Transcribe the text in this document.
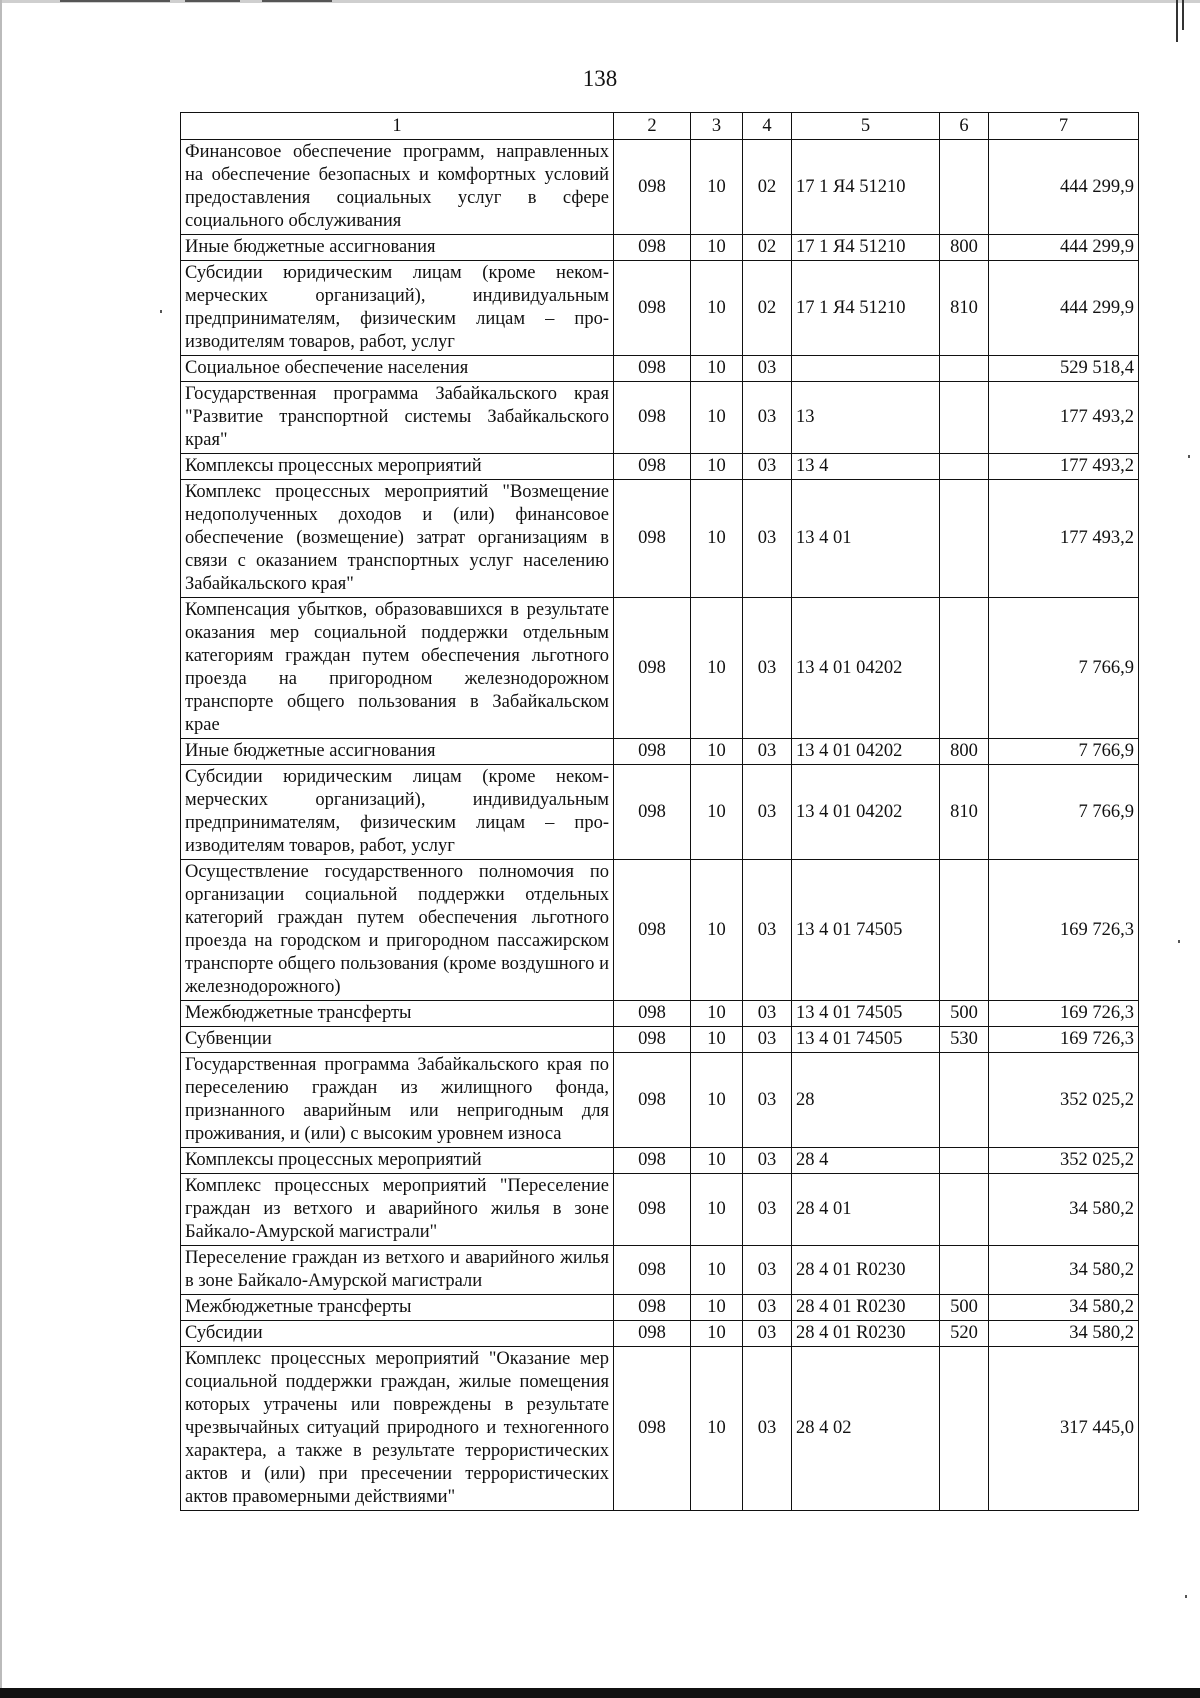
138
1	2	3	4	5	6	7
Финансовое обеспечение программ, направленных на обеспечение безопасных и комфортных условий предоставления социальных услуг в сфере социального обслуживания	098	10	02	17 1 Я4 51210		444 299,9
Иные бюджетные ассигнования	098	10	02	17 1 Я4 51210	800	444 299,9
Субсидии юридическим лицам (кроме некоммерческих организаций), индивидуальным предпринимателям, физическим лицам – производителям товаров, работ, услуг	098	10	02	17 1 Я4 51210	810	444 299,9
Социальное обеспечение населения	098	10	03			529 518,4
Государственная программа Забайкальского края "Развитие транспортной системы Забайкальского края"	098	10	03	13		177 493,2
Комплексы процессных мероприятий	098	10	03	13 4		177 493,2
Комплекс процессных мероприятий "Возмещение недополученных доходов и (или) финансовое обеспечение (возмещение) затрат организациям в связи с оказанием транспортных услуг населению Забайкальского края"	098	10	03	13 4 01		177 493,2
Компенсация убытков, образовавшихся в результате оказания мер социальной поддержки отдельным категориям граждан путем обеспечения льготного проезда на пригородном железнодорожном транспорте общего пользования в Забайкальском крае	098	10	03	13 4 01 04202		7 766,9
Иные бюджетные ассигнования	098	10	03	13 4 01 04202	800	7 766,9
Субсидии юридическим лицам (кроме некоммерческих организаций), индивидуальным предпринимателям, физическим лицам – производителям товаров, работ, услуг	098	10	03	13 4 01 04202	810	7 766,9
Осуществление государственного полномочия по организации социальной поддержки отдельных категорий граждан путем обеспечения льготного проезда на городском и пригородном пассажирском транспорте общего пользования (кроме воздушного и железнодорожного)	098	10	03	13 4 01 74505		169 726,3
Межбюджетные трансферты	098	10	03	13 4 01 74505	500	169 726,3
Субвенции	098	10	03	13 4 01 74505	530	169 726,3
Государственная программа Забайкальского края по переселению граждан из жилищного фонда, признанного аварийным или непригодным для проживания, и (или) с высоким уровнем износа	098	10	03	28		352 025,2
Комплексы процессных мероприятий	098	10	03	28 4		352 025,2
Комплекс процессных мероприятий "Переселение граждан из ветхого и аварийного жилья в зоне Байкало-Амурской магистрали"	098	10	03	28 4 01		34 580,2
Переселение граждан из ветхого и аварийного жилья в зоне Байкало-Амурской магистрали	098	10	03	28 4 01 R0230		34 580,2
Межбюджетные трансферты	098	10	03	28 4 01 R0230	500	34 580,2
Субсидии	098	10	03	28 4 01 R0230	520	34 580,2
Комплекс процессных мероприятий "Оказание мер социальной поддержки граждан, жилые помещения которых утрачены или повреждены в результате чрезвычайных ситуаций природного и техногенного характера, а также в результате террористических актов и (или) при пресечении террористических актов правомерными действиями"	098	10	03	28 4 02		317 445,0
